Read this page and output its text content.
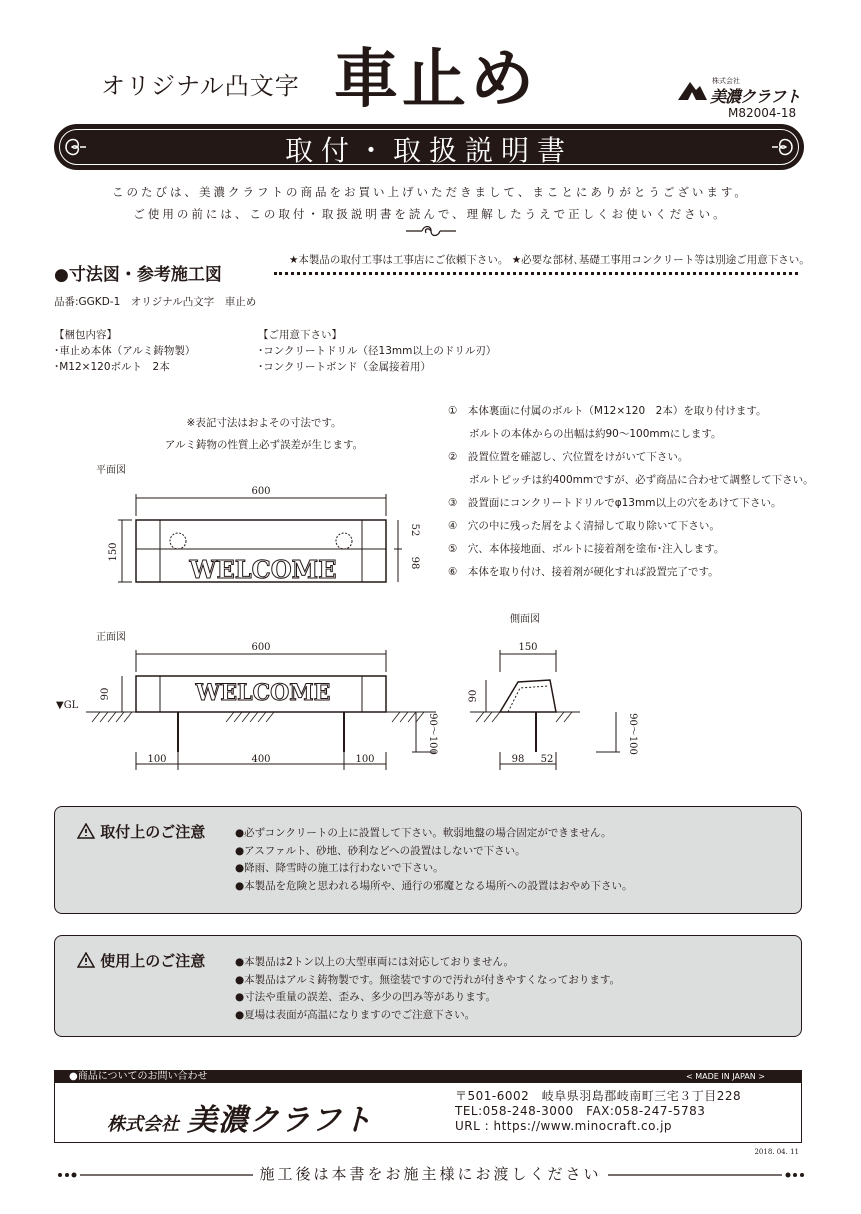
オリジナル凸文字 車止め	株式会社
美濃クラフト
M82004-18
取付・取扱説明書
このたびは、美濃クラフトの商品をお買い上げいただきまして、まことにありがとうございます。
ご使用の前には、この取付・取扱説明書を読んで、理解したうえで正しくお使いください。
★本製品の取付工事は工事店にご依頼下さい。 ★必要な部材､基礎工事用コンクリート等は別途ご用意下さい。
●寸法図・参考施工図
品番:GGKD-1　オリジナル凸文字　車止め
【梱包内容】
･車止め本体（アルミ鋳物製）
･M12×120ボルト　2本
【ご用意下さい】
･コンクリートドリル（径13mm以上のドリル刃）
･コンクリートボンド（金属接着用）
※表記寸法はおよその寸法です。
アルミ鋳物の性質上必ず誤差が生じます。
①　本体裏面に付属のボルト（M12×120　2本）を取り付けます。
　　ボルトの本体からの出幅は約90～100mmにします。
②　設置位置を確認し、穴位置をけがいて下さい。
　　ボルトピッチは約400mmですが、必ず商品に合わせて調整して下さい。
③　設置面にコンクリートドリルでφ13mm以上の穴をあけて下さい。
④　穴の中に残った屑をよく清掃して取り除いて下さい。
⑤　穴、本体接地面、ボルトに接着剤を塗布･注入します。
⑥　本体を取り付け、接着剤が硬化すれば設置完了です。
WELCOME
WELCOME
平面図
正面図
側面図
600
150
52
98
600
90
▼GL
100	400	100
90～100
150
90
98 52
90～100
取付上のご注意	●必ずコンクリートの上に設置して下さい。軟弱地盤の場合固定ができません。
●アスファルト、砂地、砂利などへの設置はしないで下さい。
●降雨、降雪時の施工は行わないで下さい。
●本製品を危険と思われる場所や、通行の邪魔となる場所への設置はおやめ下さい。
使用上のご注意	●本製品は2トン以上の大型車両には対応しておりません。
●本製品はアルミ鋳物製です。無塗装ですので汚れが付きやすくなっております。
●寸法や重量の誤差、歪み、多少の凹み等があります。
●夏場は表面が高温になりますのでご注意下さい。
●商品についてのお問い合わせ	< MADE IN JAPAN >
株式会社 美濃クラフト
〒501-6002　岐阜県羽島郡岐南町三宅３丁目228
TEL:058-248-3000　FAX:058-247-5783
URL : https://www.minocraft.co.jp
2018. 04. 11
施工後は本書をお施主様にお渡しください
